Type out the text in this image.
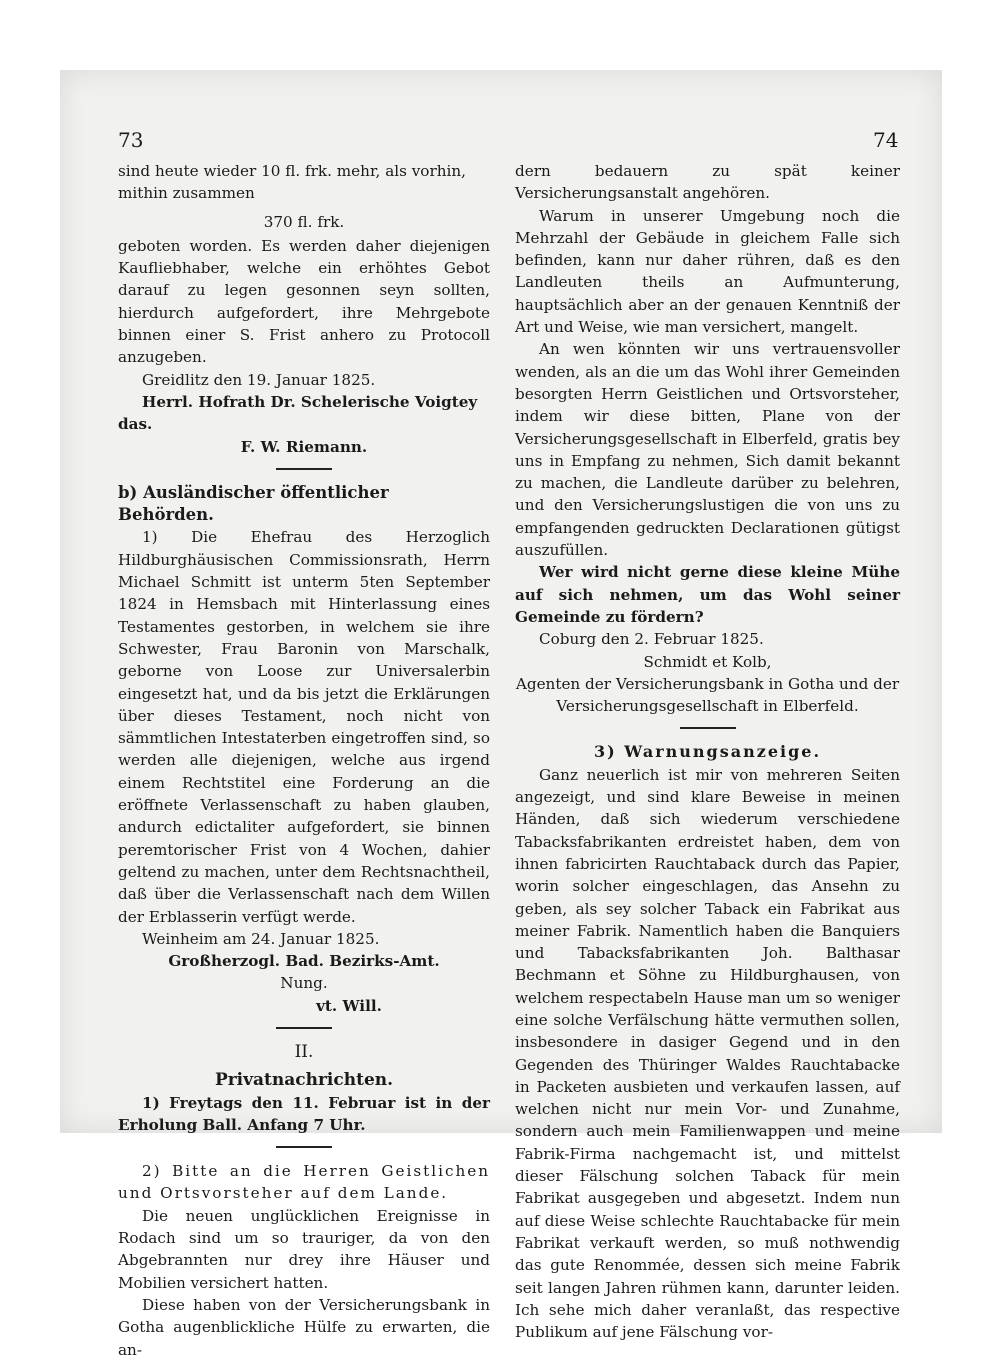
73	74

sind heute wieder 10 fl. frk. mehr, als vorhin,

mithin zusammen

370 fl. frk.

geboten worden. Es werden daher diejenigen Kaufliebhaber, welche ein erhöhtes Gebot darauf zu legen gesonnen seyn sollten, hierdurch aufgefordert, ihre Mehrgebote binnen einer S. Frist anhero zu Protocoll anzugeben.

Greidlitz den 19. Januar 1825.

Herrl. Hofrath Dr. Schelerische Voigtey das.

F. W. Riemann.

b) Ausländischer öffentlicher Behörden.

1) Die Ehefrau des Herzoglich Hildburghäusischen Commissionsrath, Herrn Michael Schmitt ist unterm 5ten September 1824 in Hemsbach mit Hinterlassung eines Testamentes gestorben, in welchem sie ihre Schwester, Frau Baronin von Marschalk, geborne von Loose zur Universalerbin eingesetzt hat, und da bis jetzt die Erklärungen über dieses Testament, noch nicht von sämmtlichen Intestaterben eingetroffen sind, so werden alle diejenigen, welche aus irgend einem Rechtstitel eine Forderung an die eröffnete Verlassenschaft zu haben glauben, andurch edictaliter aufgefordert, sie binnen peremtorischer Frist von 4 Wochen, dahier geltend zu machen, unter dem Rechtsnachtheil, daß über die Verlassenschaft nach dem Willen der Erblasserin verfügt werde.

Weinheim am 24. Januar 1825.

Großherzogl. Bad. Bezirks-Amt.

Nung.

vt. Will.

II.

Privatnachrichten.

1) Freytags den 11. Februar ist in der Erholung Ball. Anfang 7 Uhr.

2) Bitte an die Herren Geistlichen und Ortsvorsteher auf dem Lande.

Die neuen unglücklichen Ereignisse in Rodach sind um so trauriger, da von den Abgebrannten nur drey ihre Häuser und Mobilien versichert hatten.

Diese haben von der Versicherungsbank in Gotha augenblickliche Hülfe zu erwarten, die an-

dern bedauern zu spät keiner Versicherungsanstalt angehören.

Warum in unserer Umgebung noch die Mehrzahl der Gebäude in gleichem Falle sich befinden, kann nur daher rühren, daß es den Landleuten theils an Aufmunterung, hauptsächlich aber an der genauen Kenntniß der Art und Weise, wie man versichert, mangelt.

An wen könnten wir uns vertrauensvoller wenden, als an die um das Wohl ihrer Gemeinden besorgten Herrn Geistlichen und Ortsvorsteher, indem wir diese bitten, Plane von der Versicherungsgesellschaft in Elberfeld, gratis bey uns in Empfang zu nehmen, Sich damit bekannt zu machen, die Landleute darüber zu belehren, und den Versicherungslustigen die von uns zu empfangenden gedruckten Declarationen gütigst auszufüllen.

Wer wird nicht gerne diese kleine Mühe auf sich nehmen, um das Wohl seiner Gemeinde zu fördern?

Coburg den 2. Februar 1825.

Schmidt et Kolb,

Agenten der Versicherungsbank in Gotha und der Versicherungsgesellschaft in Elberfeld.

3) Warnungsanzeige.

Ganz neuerlich ist mir von mehreren Seiten angezeigt, und sind klare Beweise in meinen Händen, daß sich wiederum verschiedene Tabacksfabrikanten erdreistet haben, dem von ihnen fabricirten Rauchtaback durch das Papier, worin solcher eingeschlagen, das Ansehn zu geben, als sey solcher Taback ein Fabrikat aus meiner Fabrik. Namentlich haben die Banquiers und Tabacksfabrikanten Joh. Balthasar Bechmann et Söhne zu Hildburghausen, von welchem respectabeln Hause man um so weniger eine solche Verfälschung hätte vermuthen sollen, insbesondere in dasiger Gegend und in den Gegenden des Thüringer Waldes Rauchtabacke in Packeten ausbieten und verkaufen lassen, auf welchen nicht nur mein Vor- und Zunahme, sondern auch mein Familienwappen und meine Fabrik-Firma nachgemacht ist, und mittelst dieser Fälschung solchen Taback für mein Fabrikat ausgegeben und abgesetzt. Indem nun auf diese Weise schlechte Rauchtabacke für mein Fabrikat verkauft werden, so muß nothwendig das gute Renommée, dessen sich meine Fabrik seit langen Jahren rühmen kann, darunter leiden. Ich sehe mich daher veranlaßt, das respective Publikum auf jene Fälschung vor-
